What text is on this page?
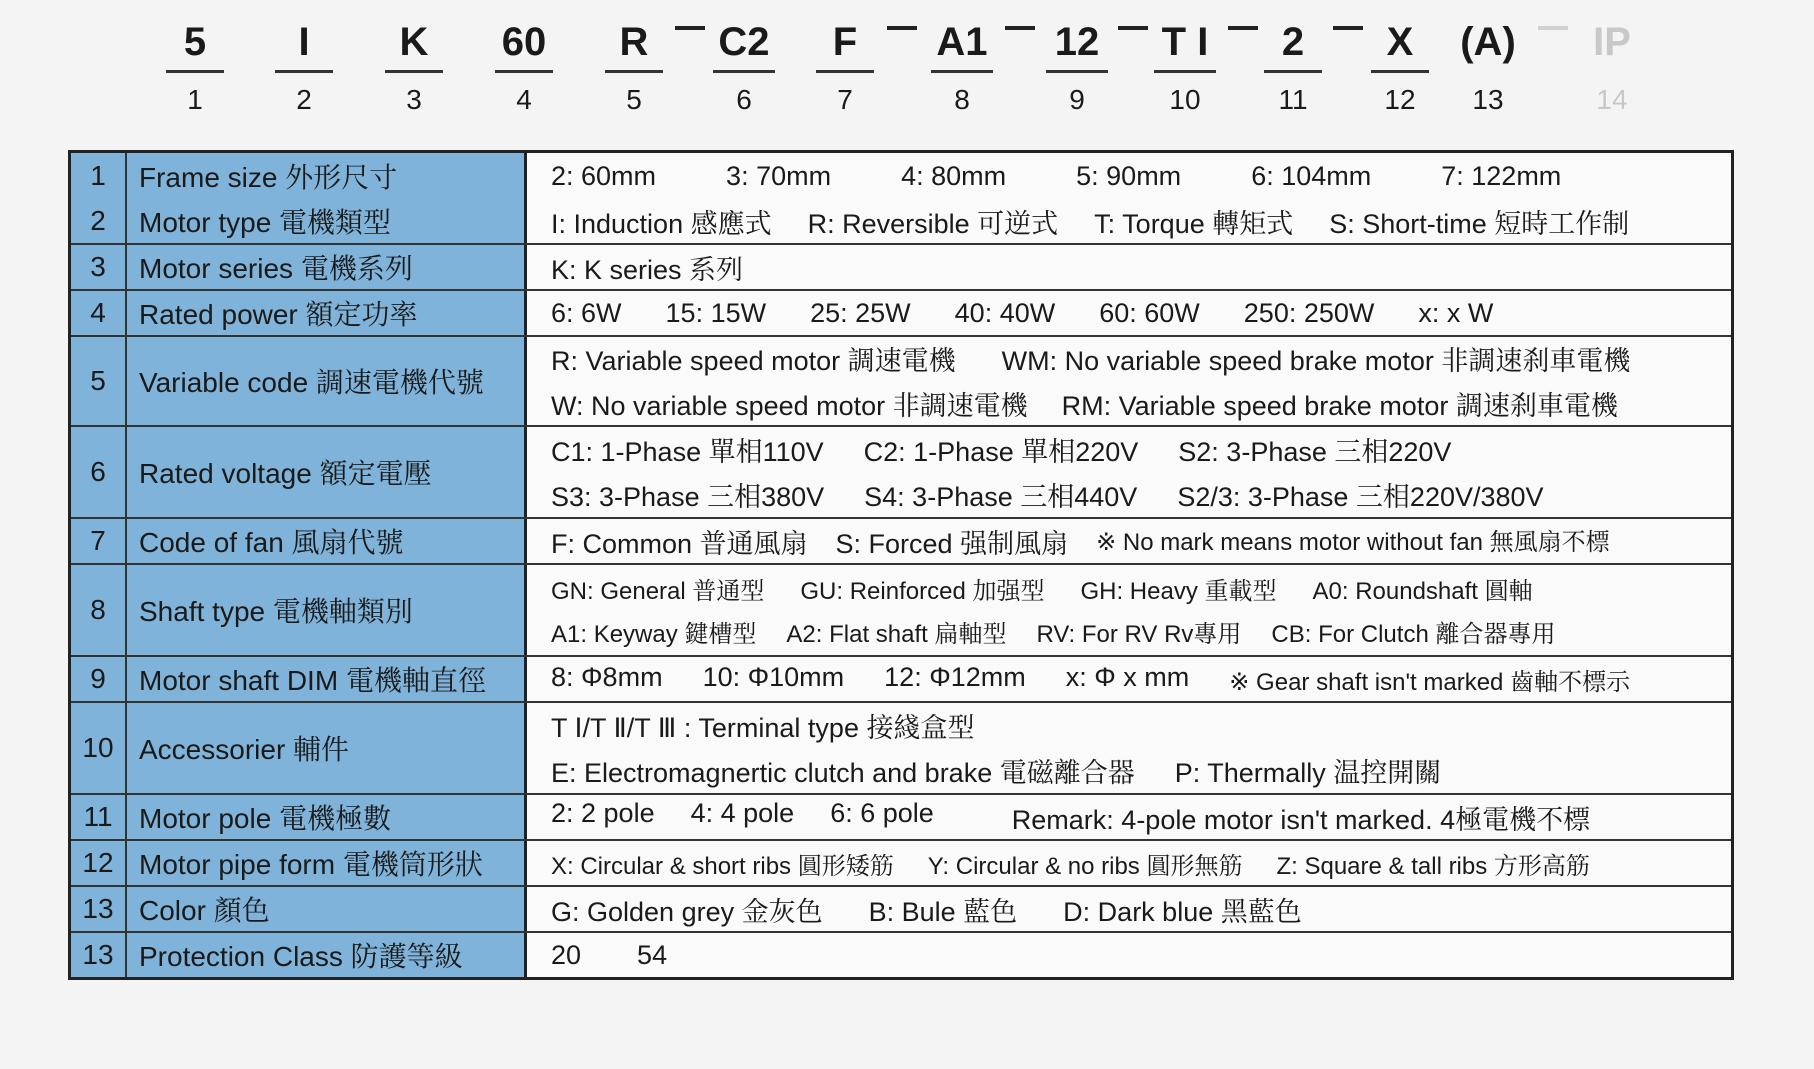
5
1
I
2
K
3
60
4
R
5
C2
6
F
7
A1
8
12
9
T I
10
2
11
X
12
(A)
13
IP
14
1	Frame size 外形尺寸	2: 60mm	3: 70mm	4: 80mm	5: 90mm	6: 104mm	7: 122mm
2	Motor type 電機類型	I: Induction 感應式 R: Reversible 可逆式 T: Torque 轉矩式 S: Short-time 短時工作制
3	Motor series 電機系列	K: K series 系列
4	Rated power 額定功率	6: 6W 15: 15W 25: 25W 40: 40W 60: 60W 250: 250W x: x W
5	Variable code 調速電機代號
R: Variable speed motor 調速電機 WM: No variable speed brake motor 非調速刹車電機
W: No variable speed motor 非調速電機 RM: Variable speed brake motor 調速刹車電機
6	Rated voltage 額定電壓
C1: 1-Phase 單相110V C2: 1-Phase 單相220V S2: 3-Phase 三相220V
S3: 3-Phase 三相380V S4: 3-Phase 三相440V S2/3: 3-Phase 三相220V/380V
7	Code of fan 風扇代號	F: Common 普通風扇 S: Forced 强制風扇 ※ No mark means motor without fan 無風扇不標
8	Shaft type 電機軸類別
GN: General 普通型 GU: Reinforced 加强型 GH: Heavy 重載型 A0: Roundshaft 圓軸
A1: Keyway 鍵槽型 A2: Flat shaft 扁軸型 RV: For RV Rv專用 CB: For Clutch 離合器專用
9	Motor shaft DIM 電機軸直徑	8: Φ8mm 10: Φ10mm 12: Φ12mm x: Φ x mm ※ Gear shaft isn't marked 齒軸不標示
10 Accessorier 輔件
T Ⅰ/T Ⅱ/T Ⅲ : Terminal type 接綫盒型
E: Electromagnertic clutch and brake 電磁離合器 P: Thermally 温控開關
11 Motor pole 電機極數	2: 2 pole 4: 4 pole 6: 6 pole	Remark: 4-pole motor isn't marked. 4極電機不標
12 Motor pipe form 電機筒形狀	X: Circular & short ribs 圓形矮筋 Y: Circular & no ribs 圓形無筋 Z: Square & tall ribs 方形高筋
13 Color 顏色	G: Golden grey 金灰色 B: Bule 藍色 D: Dark blue 黑藍色
13 Protection Class 防護等級	20 54
